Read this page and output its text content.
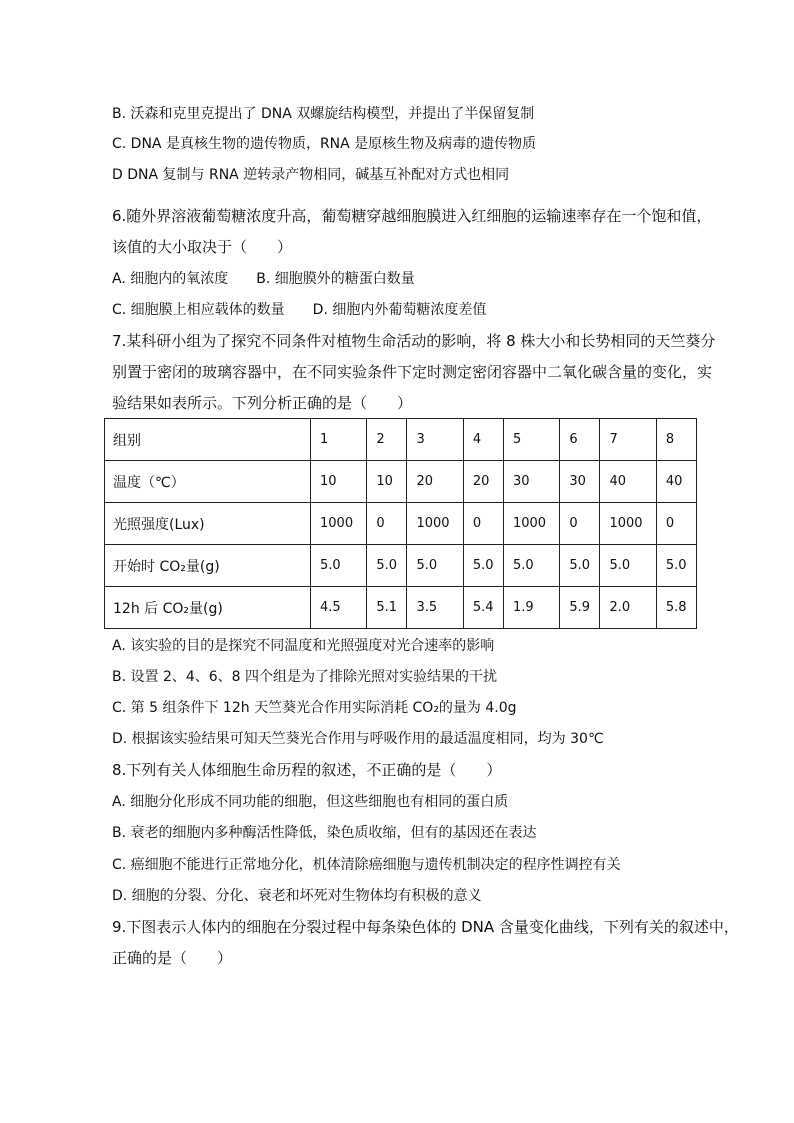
B. 沃森和克里克提出了 DNA 双螺旋结构模型，并提出了半保留复制
C. DNA 是真核生物的遗传物质，RNA 是原核生物及病毒的遗传物质
D DNA 复制与 RNA 逆转录产物相同，碱基互补配对方式也相同
6.随外界溶液葡萄糖浓度升高，葡萄糖穿越细胞膜进入红细胞的运输速率存在一个饱和值，
该值的大小取决于（　　）
A. 细胞内的氧浓度　　B. 细胞膜外的糖蛋白数量
C. 细胞膜上相应载体的数量　　D. 细胞内外葡萄糖浓度差值
7.某科研小组为了探究不同条件对植物生命活动的影响，将 8 株大小和长势相同的天竺葵分
别置于密闭的玻璃容器中，在不同实验条件下定时测定密闭容器中二氧化碳含量的变化，实
验结果如表所示。下列分析正确的是（　　）
组别	1	2	3	4	5	6	7	8
温度（℃）	10	10	20	20	30	30	40	40
光照强度(Lux)	1000	0	1000	0	1000	0	1000	0
开始时 CO₂量(g)	5.0	5.0	5.0	5.0	5.0	5.0	5.0	5.0
12h 后 CO₂量(g)	4.5	5.1	3.5	5.4	1.9	5.9	2.0	5.8
A. 该实验的目的是探究不同温度和光照强度对光合速率的影响
B. 设置 2、4、6、8 四个组是为了排除光照对实验结果的干扰
C. 第 5 组条件下 12h 天竺葵光合作用实际消耗 CO₂的量为 4.0g
D. 根据该实验结果可知天竺葵光合作用与呼吸作用的最适温度相同，均为 30℃
8.下列有关人体细胞生命历程的叙述，不正确的是（　　）
A. 细胞分化形成不同功能的细胞，但这些细胞也有相同的蛋白质
B. 衰老的细胞内多种酶活性降低，染色质收缩，但有的基因还在表达
C. 癌细胞不能进行正常地分化，机体清除癌细胞与遗传机制决定的程序性调控有关
D. 细胞的分裂、分化、衰老和坏死对生物体均有积极的意义
9.下图表示人体内的细胞在分裂过程中每条染色体的 DNA 含量变化曲线，下列有关的叙述中，
正确的是（　　）
